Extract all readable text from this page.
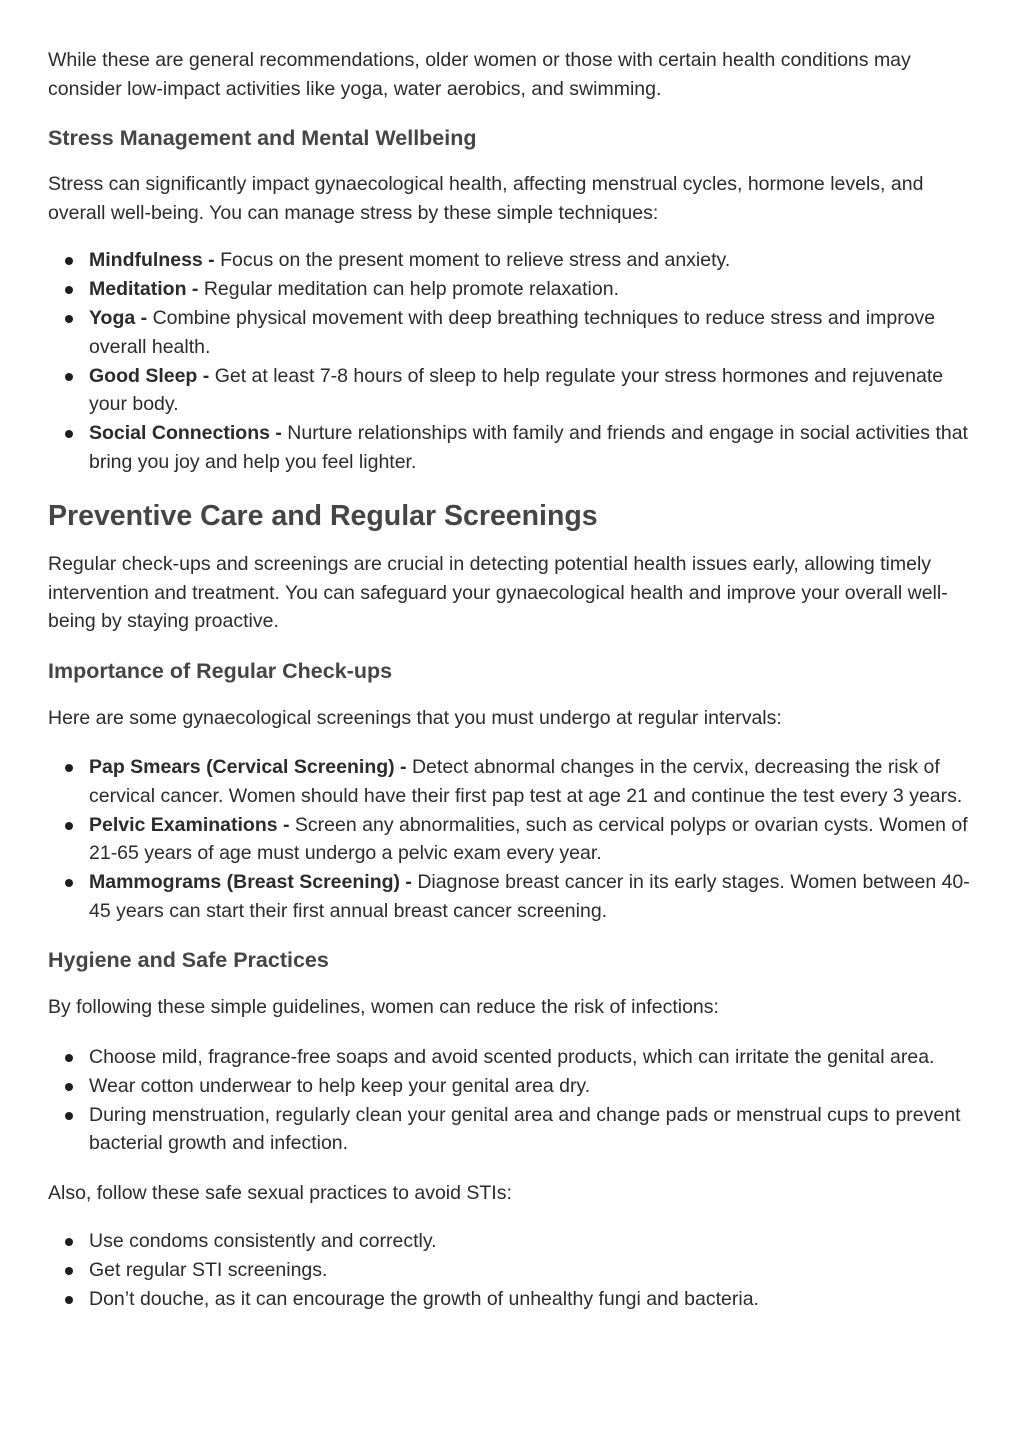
While these are general recommendations, older women or those with certain health conditions may consider low-impact activities like yoga, water aerobics, and swimming.

Stress Management and Mental Wellbeing

Stress can significantly impact gynaecological health, affecting menstrual cycles, hormone levels, and overall well-being. You can manage stress by these simple techniques:

Mindfulness - Focus on the present moment to relieve stress and anxiety.
Meditation - Regular meditation can help promote relaxation.
Yoga - Combine physical movement with deep breathing techniques to reduce stress and improve overall health.
Good Sleep - Get at least 7-8 hours of sleep to help regulate your stress hormones and rejuvenate your body.
Social Connections - Nurture relationships with family and friends and engage in social activities that bring you joy and help you feel lighter.
Preventive Care and Regular Screenings

Regular check-ups and screenings are crucial in detecting potential health issues early, allowing timely intervention and treatment. You can safeguard your gynaecological health and improve your overall well-being by staying proactive.

Importance of Regular Check-ups

Here are some gynaecological screenings that you must undergo at regular intervals:

Pap Smears (Cervical Screening) - Detect abnormal changes in the cervix, decreasing the risk of cervical cancer. Women should have their first pap test at age 21 and continue the test every 3 years.
Pelvic Examinations - Screen any abnormalities, such as cervical polyps or ovarian cysts. Women of 21-65 years of age must undergo a pelvic exam every year.
Mammograms (Breast Screening) - Diagnose breast cancer in its early stages. Women between 40-45 years can start their first annual breast cancer screening.
Hygiene and Safe Practices

By following these simple guidelines, women can reduce the risk of infections:

Choose mild, fragrance-free soaps and avoid scented products, which can irritate the genital area.
Wear cotton underwear to help keep your genital area dry.
During menstruation, regularly clean your genital area and change pads or menstrual cups to prevent bacterial growth and infection.

Also, follow these safe sexual practices to avoid STIs:

Use condoms consistently and correctly.
Get regular STI screenings.
Don’t douche, as it can encourage the growth of unhealthy fungi and bacteria.
